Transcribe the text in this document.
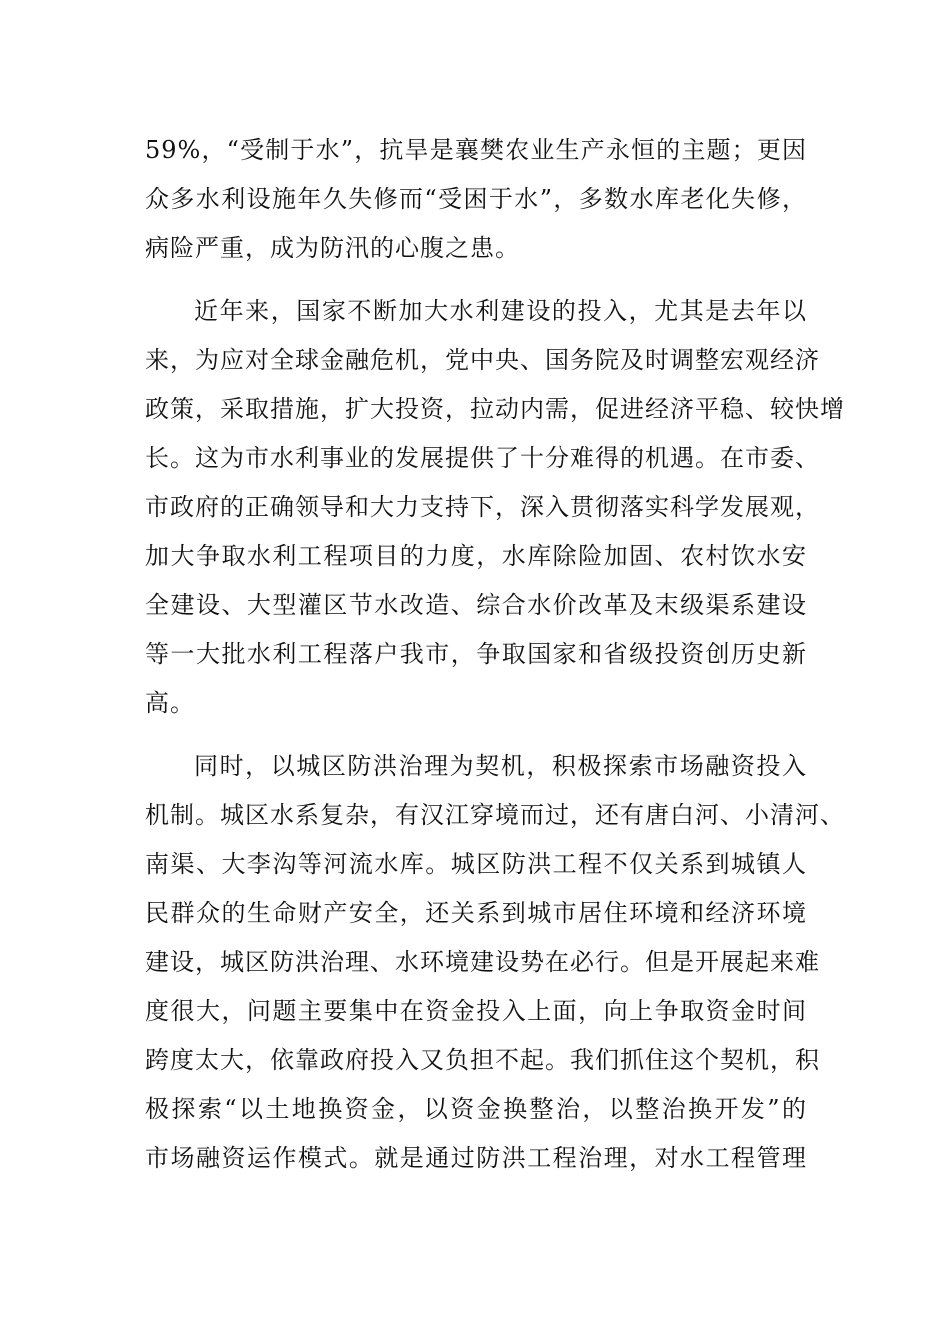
59%，“受制于水”，抗旱是襄樊农业生产永恒的主题；更因
众多水利设施年久失修而“受困于水”，多数水库老化失修，
病险严重，成为防汛的心腹之患。
近年来，国家不断加大水利建设的投入，尤其是去年以
来，为应对全球金融危机，党中央、国务院及时调整宏观经济
政策，采取措施，扩大投资，拉动内需，促进经济平稳、较快增
长。这为市水利事业的发展提供了十分难得的机遇。在市委、
市政府的正确领导和大力支持下，深入贯彻落实科学发展观，
加大争取水利工程项目的力度，水库除险加固、农村饮水安
全建设、大型灌区节水改造、综合水价改革及末级渠系建设
等一大批水利工程落户我市，争取国家和省级投资创历史新
高。
同时，以城区防洪治理为契机，积极探索市场融资投入
机制。城区水系复杂，有汉江穿境而过，还有唐白河、小清河、
南渠、大李沟等河流水库。城区防洪工程不仅关系到城镇人
民群众的生命财产安全，还关系到城市居住环境和经济环境
建设，城区防洪治理、水环境建设势在必行。但是开展起来难
度很大，问题主要集中在资金投入上面，向上争取资金时间
跨度太大，依靠政府投入又负担不起。我们抓住这个契机，积
极探索“以土地换资金，以资金换整治，以整治换开发”的
市场融资运作模式。就是通过防洪工程治理，对水工程管理
